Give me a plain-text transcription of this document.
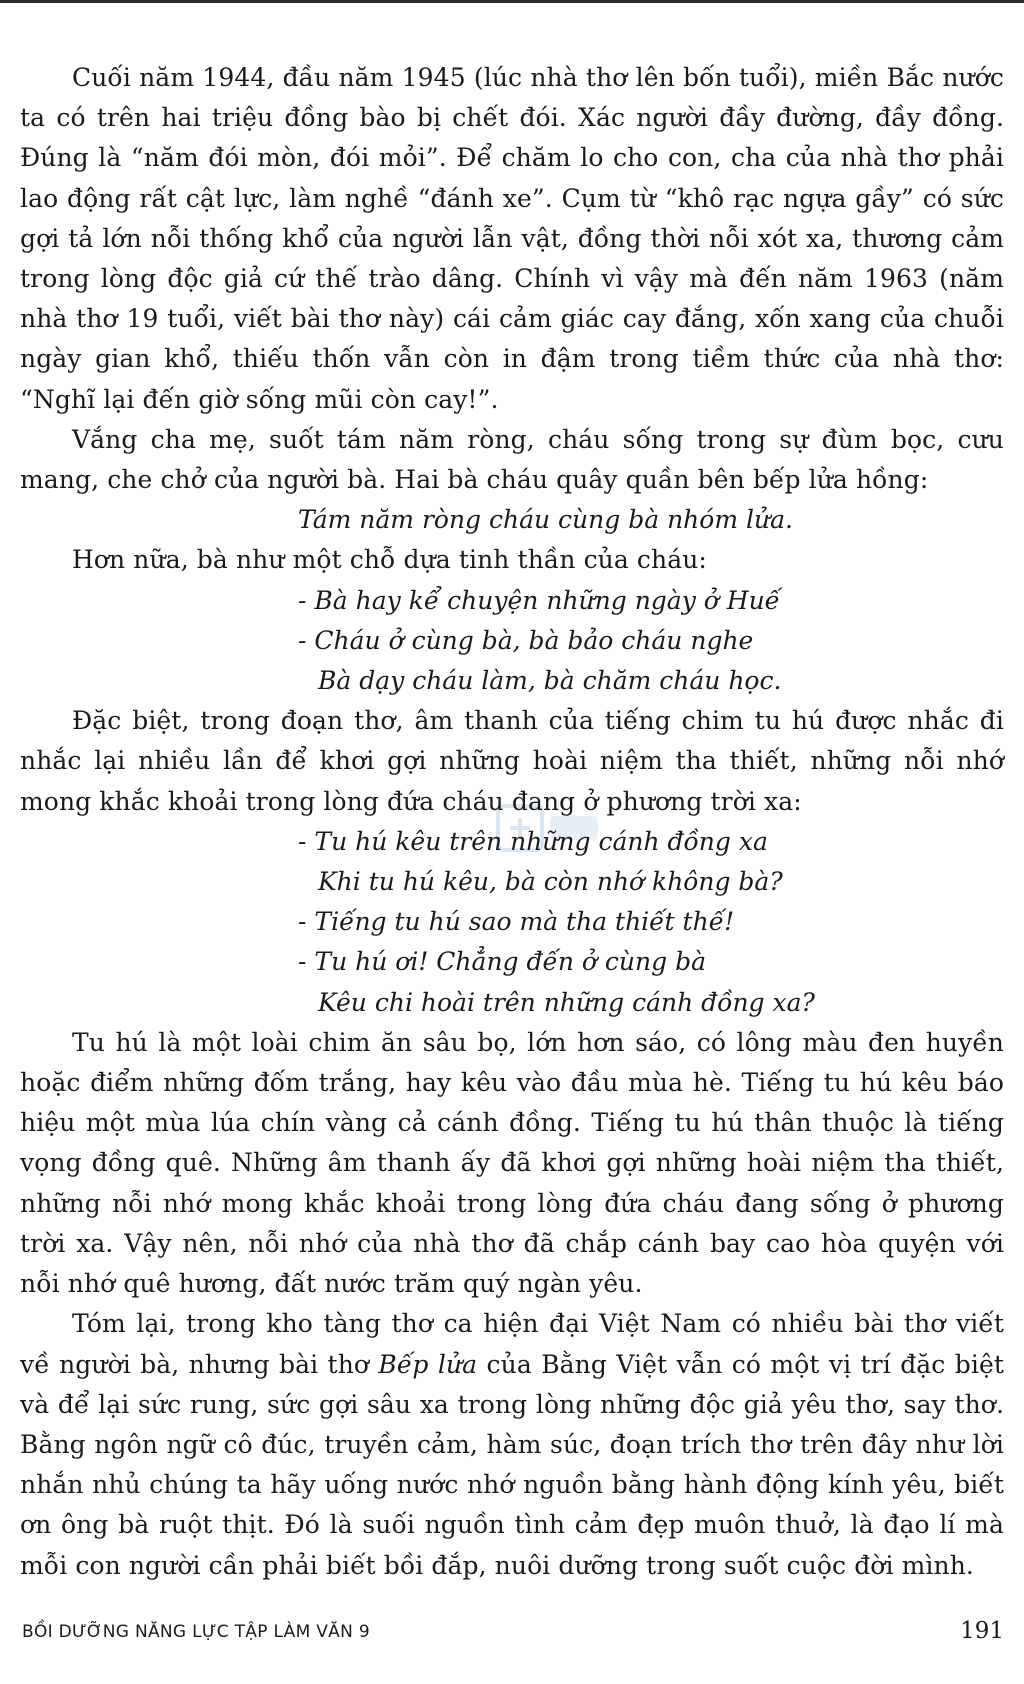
Cuối năm 1944, đầu năm 1945 (lúc nhà thơ lên bốn tuổi), miền Bắc nước ta có trên hai triệu đồng bào bị chết đói. Xác người đầy đường, đầy đồng. Đúng là “năm đói mòn, đói mỏi”. Để chăm lo cho con, cha của nhà thơ phải lao động rất cật lực, làm nghề “đánh xe”. Cụm từ “khô rạc ngựa gầy” có sức gợi tả lớn nỗi thống khổ của người lẫn vật, đồng thời nỗi xót xa, thương cảm trong lòng độc giả cứ thế trào dâng. Chính vì vậy mà đến năm 1963 (năm nhà thơ 19 tuổi, viết bài thơ này) cái cảm giác cay đắng, xốn xang của chuỗi ngày gian khổ, thiếu thốn vẫn còn in đậm trong tiềm thức của nhà thơ: “Nghĩ lại đến giờ sống mũi còn cay!”.

Vắng cha mẹ, suốt tám năm ròng, cháu sống trong sự đùm bọc, cưu mang, che chở của người bà. Hai bà cháu quây quần bên bếp lửa hồng:

Tám năm ròng cháu cùng bà nhóm lửa.

Hơn nữa, bà như một chỗ dựa tinh thần của cháu:

- Bà hay kể chuyện những ngày ở Huế
- Cháu ở cùng bà, bà bảo cháu nghe
Bà dạy cháu làm, bà chăm cháu học.

Đặc biệt, trong đoạn thơ, âm thanh của tiếng chim tu hú được nhắc đi nhắc lại nhiều lần để khơi gợi những hoài niệm tha thiết, những nỗi nhớ mong khắc khoải trong lòng đứa cháu đang ở phương trời xa:

- Tu hú kêu trên những cánh đồng xa
Khi tu hú kêu, bà còn nhớ không bà?
- Tiếng tu hú sao mà tha thiết thế!
- Tu hú ơi! Chẳng đến ở cùng bà
Kêu chi hoài trên những cánh đồng xa?

Tu hú là một loài chim ăn sâu bọ, lớn hơn sáo, có lông màu đen huyền hoặc điểm những đốm trắng, hay kêu vào đầu mùa hè. Tiếng tu hú kêu báo hiệu một mùa lúa chín vàng cả cánh đồng. Tiếng tu hú thân thuộc là tiếng vọng đồng quê. Những âm thanh ấy đã khơi gợi những hoài niệm tha thiết, những nỗi nhớ mong khắc khoải trong lòng đứa cháu đang sống ở phương trời xa. Vậy nên, nỗi nhớ của nhà thơ đã chắp cánh bay cao hòa quyện với nỗi nhớ quê hương, đất nước trăm quý ngàn yêu.

Tóm lại, trong kho tàng thơ ca hiện đại Việt Nam có nhiều bài thơ viết về người bà, nhưng bài thơ Bếp lửa của Bằng Việt vẫn có một vị trí đặc biệt và để lại sức rung, sức gợi sâu xa trong lòng những độc giả yêu thơ, say thơ. Bằng ngôn ngữ cô đúc, truyền cảm, hàm súc, đoạn trích thơ trên đây như lời nhắn nhủ chúng ta hãy uống nước nhớ nguồn bằng hành động kính yêu, biết ơn ông bà ruột thịt. Đó là suối nguồn tình cảm đẹp muôn thuở, là đạo lí mà mỗi con người cần phải biết bồi đắp, nuôi dưỡng trong suốt cuộc đời mình.

BỒI DƯỠNG NĂNG LỰC TẬP LÀM VĂN 9	191
